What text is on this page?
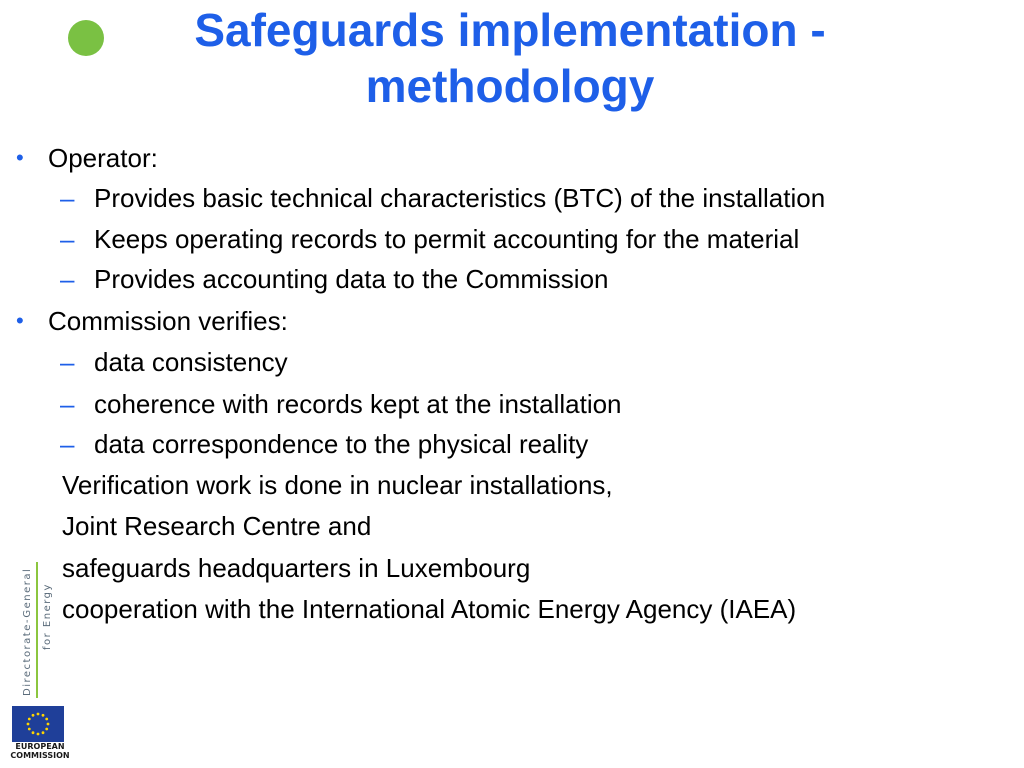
Safeguards implementation - methodology
• Operator:
– Provides basic technical characteristics (BTC) of the installation
– Keeps operating records to permit accounting for the material
– Provides accounting data to the Commission
• Commission verifies:
– data consistency
– coherence with records kept at the installation
– data correspondence to the physical reality
Verification work is done in nuclear installations,
Joint Research Centre and
safeguards headquarters in Luxembourg
cooperation with the International Atomic Energy Agency (IAEA)
Directorate-General for Energy
EUROPEAN
COMMISSION
